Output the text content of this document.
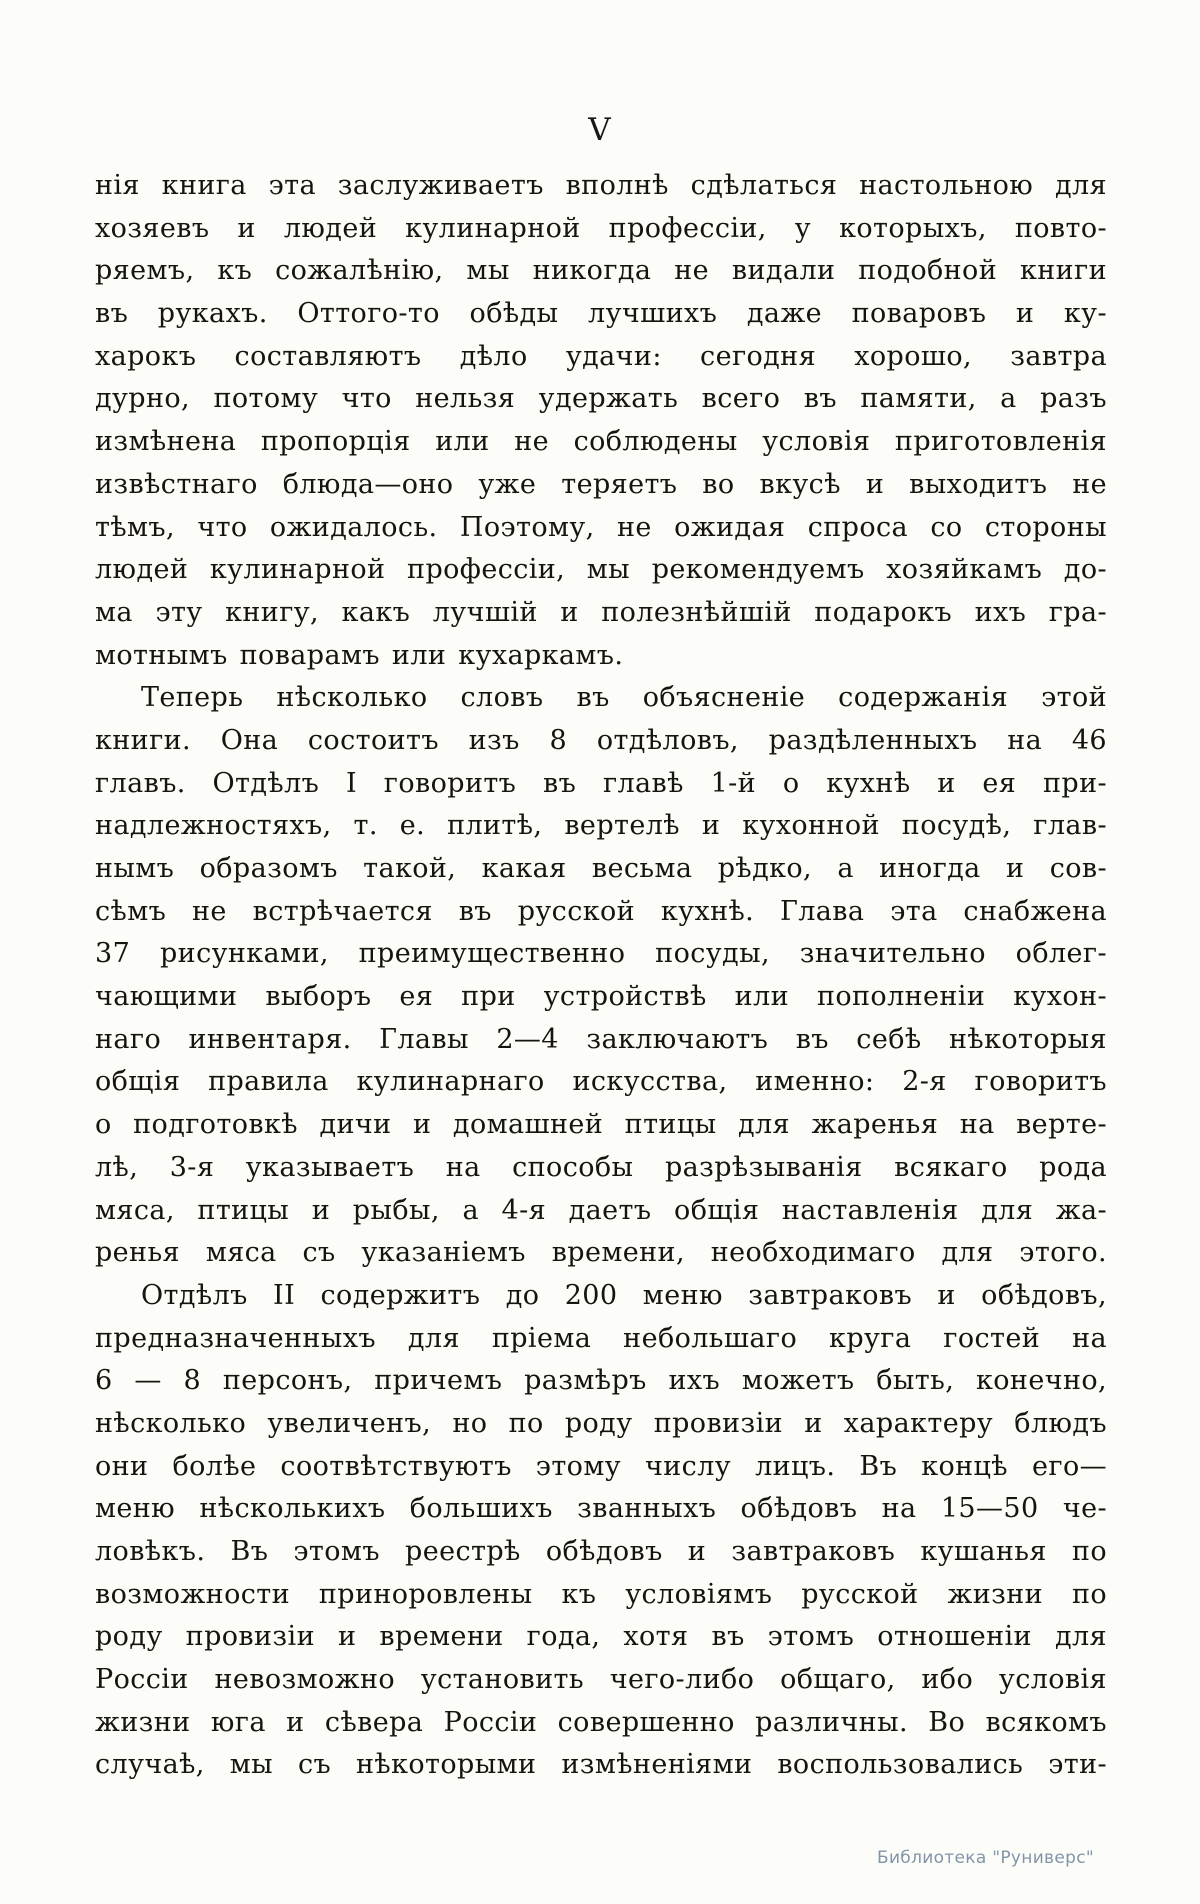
V
нія книга эта заслуживаетъ вполнѣ сдѣлаться настольною для
хозяевъ и людей кулинарной профессіи, у которыхъ, повто-
ряемъ, къ сожалѣнію, мы никогда не видали подобной книги
въ рукахъ. Оттого-то обѣды лучшихъ даже поваровъ и ку-
харокъ составляютъ дѣло удачи: сегодня хорошо, завтра
дурно, потому что нельзя удержать всего въ памяти, а разъ
измѣнена пропорція или не соблюдены условія приготовленія
извѣстнаго блюда—оно уже теряетъ во вкусѣ и выходитъ не
тѣмъ, что ожидалось. Поэтому, не ожидая спроса со стороны
людей кулинарной профессіи, мы рекомендуемъ хозяйкамъ до-
ма эту книгу, какъ лучшій и полезнѣйшій подарокъ ихъ гра-
мотнымъ поварамъ или кухаркамъ.
Теперь нѣсколько словъ въ объясненіе содержанія этой
книги. Она состоитъ изъ 8 отдѣловъ, раздѣленныхъ на 46
главъ. Отдѣлъ I говоритъ въ главѣ 1-й о кухнѣ и ея при-
надлежностяхъ, т. е. плитѣ, вертелѣ и кухонной посудѣ, глав-
нымъ образомъ такой, какая весьма рѣдко, а иногда и сов-
сѣмъ не встрѣчается въ русской кухнѣ. Глава эта снабжена
37 рисунками, преимущественно посуды, значительно облег-
чающими выборъ ея при устройствѣ или пополненіи кухон-
наго инвентаря. Главы 2—4 заключаютъ въ себѣ нѣкоторыя
общія правила кулинарнаго искусства, именно: 2-я говоритъ
о подготовкѣ дичи и домашней птицы для жаренья на верте-
лѣ, 3-я указываетъ на способы разрѣзыванія всякаго рода
мяса, птицы и рыбы, а 4-я даетъ общія наставленія для жа-
ренья мяса съ указаніемъ времени, необходимаго для этого.
Отдѣлъ II содержитъ до 200 меню завтраковъ и обѣдовъ,
предназначенныхъ для пріема небольшаго круга гостей на
6 — 8 персонъ, причемъ размѣръ ихъ можетъ быть, конечно,
нѣсколько увеличенъ, но по роду провизіи и характеру блюдъ
они болѣе соотвѣтствуютъ этому числу лицъ. Въ концѣ его—
меню нѣсколькихъ большихъ званныхъ обѣдовъ на 15—50 че-
ловѣкъ. Въ этомъ реестрѣ обѣдовъ и завтраковъ кушанья по
возможности приноровлены къ условіямъ русской жизни по
роду провизіи и времени года, хотя въ этомъ отношеніи для
Россіи невозможно установить чего-либо общаго, ибо условія
жизни юга и сѣвера Россіи совершенно различны. Во всякомъ
случаѣ, мы съ нѣкоторыми измѣненіями воспользовались эти-
Библиотека "Руниверс"
